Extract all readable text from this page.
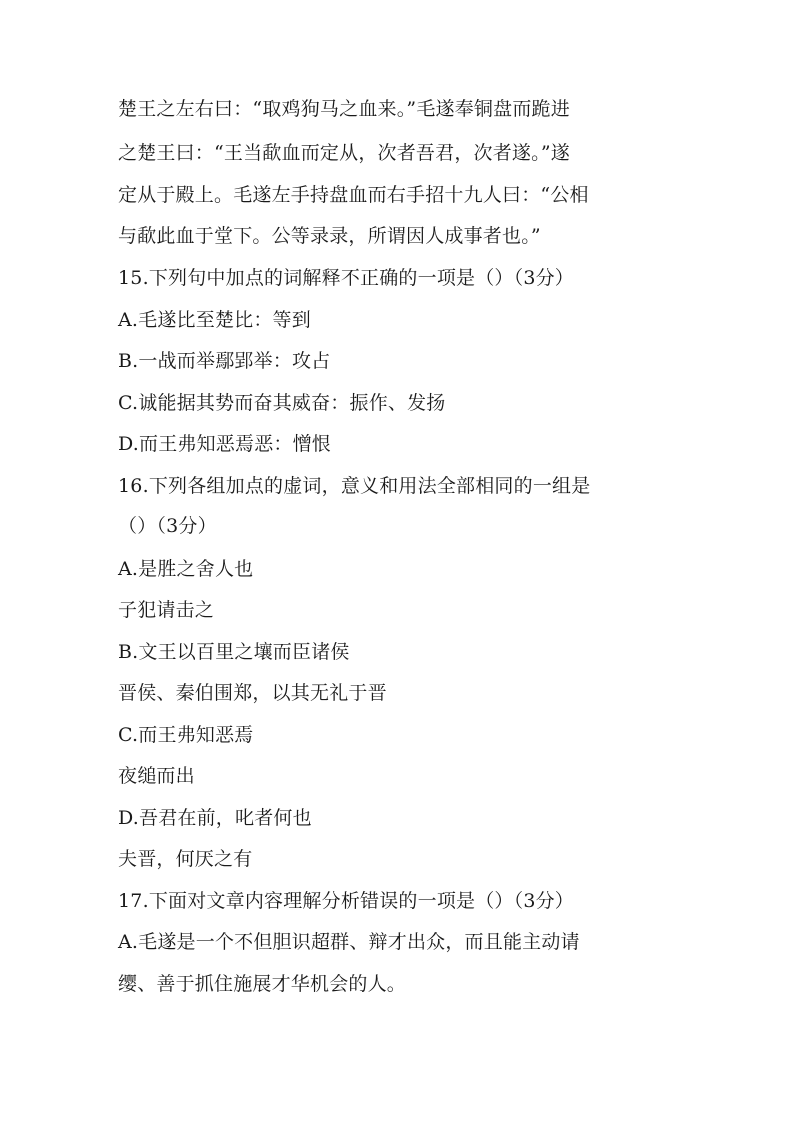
楚王之左右曰：“取鸡狗马之血来。”毛遂奉铜盘而跪进
之楚王曰：“王当歃血而定从，次者吾君，次者遂。”遂
定从于殿上。毛遂左手持盘血而右手招十九人曰：“公相
与歃此血于堂下。公等录录，所谓因人成事者也。”
15.下列句中加点的词解释不正确的一项是（）（3分）
A.毛遂比至楚比：等到
B.一战而举鄢郢举：攻占
C.诚能据其势而奋其威奋：振作、发扬
D.而王弗知恶焉恶：憎恨
16.下列各组加点的虚词，意义和用法全部相同的一组是
（）（3分）
A.是胜之舍人也
子犯请击之
B.文王以百里之壤而臣诸侯
晋侯、秦伯围郑，以其无礼于晋
C.而王弗知恶焉
夜缒而出
D.吾君在前，叱者何也
夫晋，何厌之有
17.下面对文章内容理解分析错误的一项是（）（3分）
A.毛遂是一个不但胆识超群、辩才出众，而且能主动请
缨、善于抓住施展才华机会的人。
